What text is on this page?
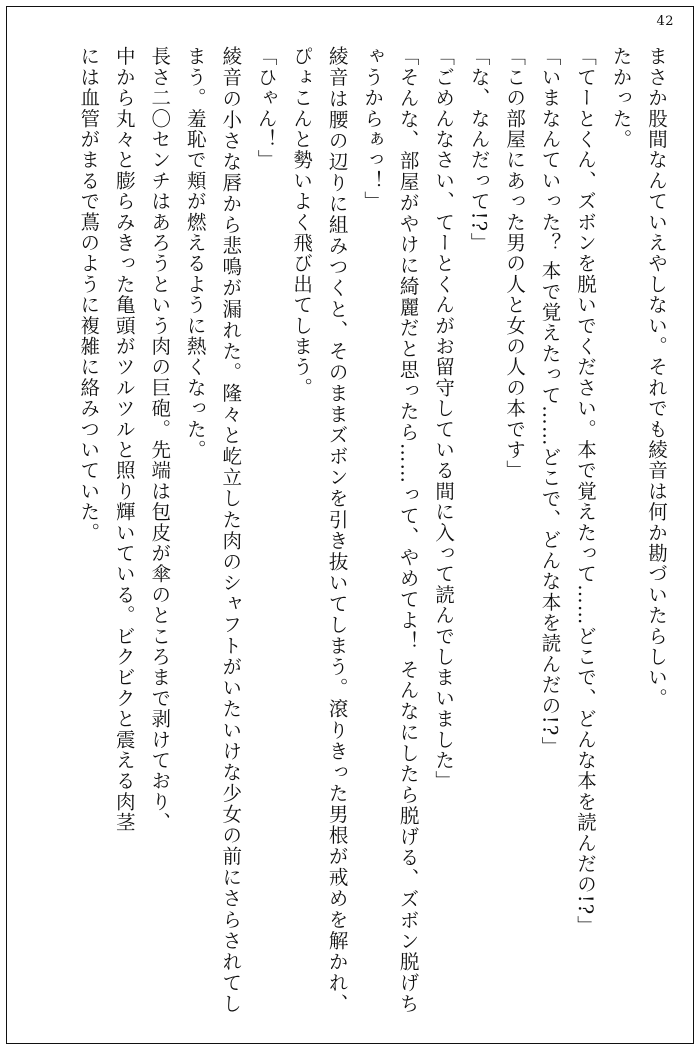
42

まさか股間なんていえやしない。それでも綾音は何か勘づいたらしい。

たかった。

「てーとくん、ズボンを脱いでください。本で覚えたって……どこで、どんな本を読んだの!?」

「いまなんていった？ 本で覚えたって……どこで、どんな本を読んだの!?」

「この部屋にあった男の人と女の人の本です」

「な、なんだって!?」

「ごめんなさい、てーとくんがお留守している間に入って読んでしまいました」

「そんな、部屋がやけに綺麗だと思ったら……って、やめてよ！ そんなにしたら脱げる、ズボン脱げちゃうからぁっ！」

綾音は腰の辺りに組みつくと、そのままズボンを引き抜いてしまう。滾りきった男根が戒めを解かれ、ぴょこんと勢いよく飛び出てしまう。

「ひゃん！」

綾音の小さな唇から悲鳴が漏れた。隆々と屹立した肉のシャフトがいたいけな少女の前にさらされてしまう。羞恥で頬が燃えるように熱くなった。

長さ二〇センチはあろうという肉の巨砲。先端は包皮が傘のところまで剥けており、

中から丸々と膨らみきった亀頭がツルツルと照り輝いている。ビクビクと震える肉茎

には血管がまるで蔦のように複雑に絡みついていた。
